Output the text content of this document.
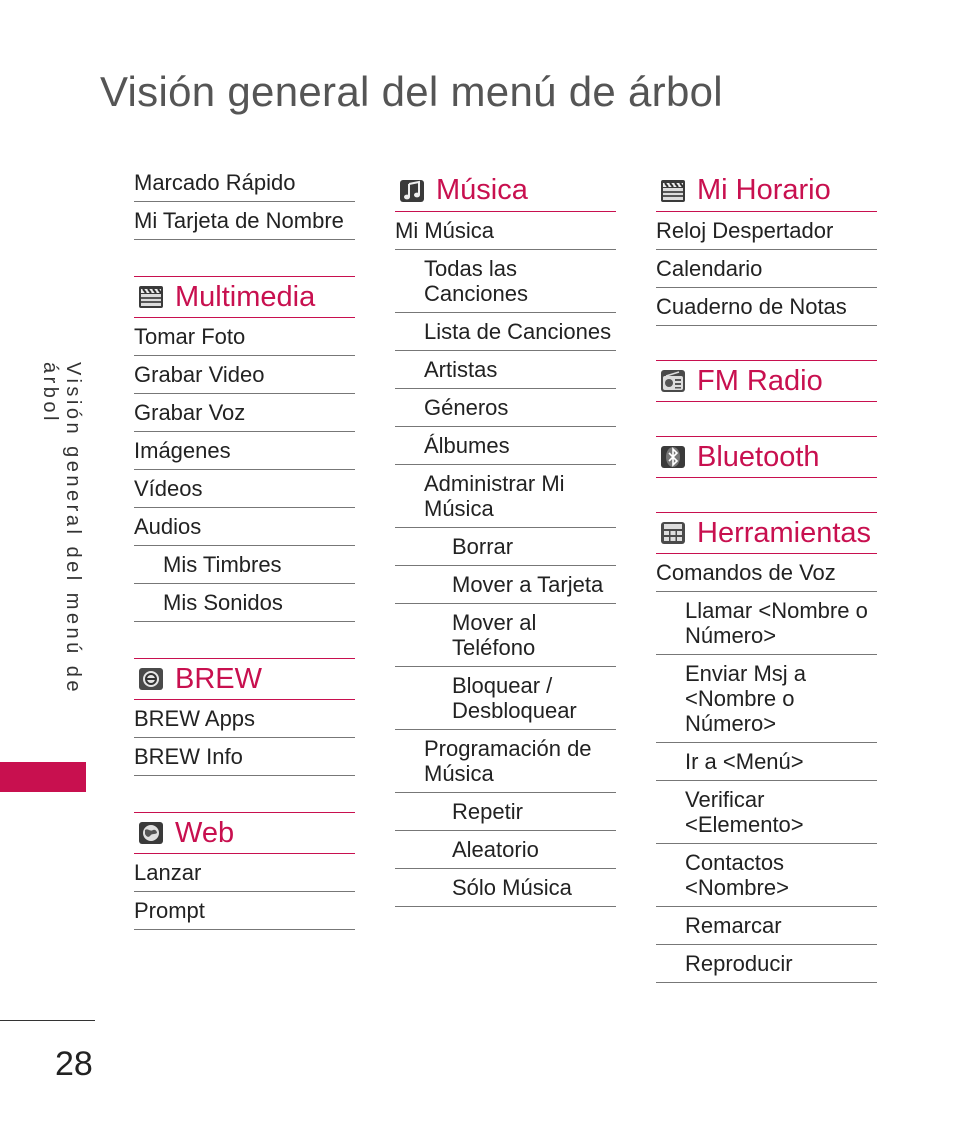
Visión general del menú de árbol
Visión general del menú de árbol
28
Marcado Rápido
Mi Tarjeta de Nombre
Multimedia
Tomar Foto
Grabar Video
Grabar Voz
Imágenes
Vídeos
Audios
Mis Timbres
Mis Sonidos
BREW
BREW Apps
BREW Info
Web
Lanzar
Prompt
Música
Mi Música
Todas las Canciones
Lista de Canciones
Artistas
Géneros
Álbumes
Administrar Mi Música
Borrar
Mover a Tarjeta
Mover al Teléfono
Bloquear / Desbloquear
Programación de Música
Repetir
Aleatorio
Sólo Música
Mi Horario
Reloj Despertador
Calendario
Cuaderno de Notas
FM Radio
Bluetooth
Herramientas
Comandos de Voz
Llamar <Nombre o Número>
Enviar Msj a <Nombre o Número>
Ir a <Menú>
Verificar <Elemento>
Contactos <Nombre>
Remarcar
Reproducir
